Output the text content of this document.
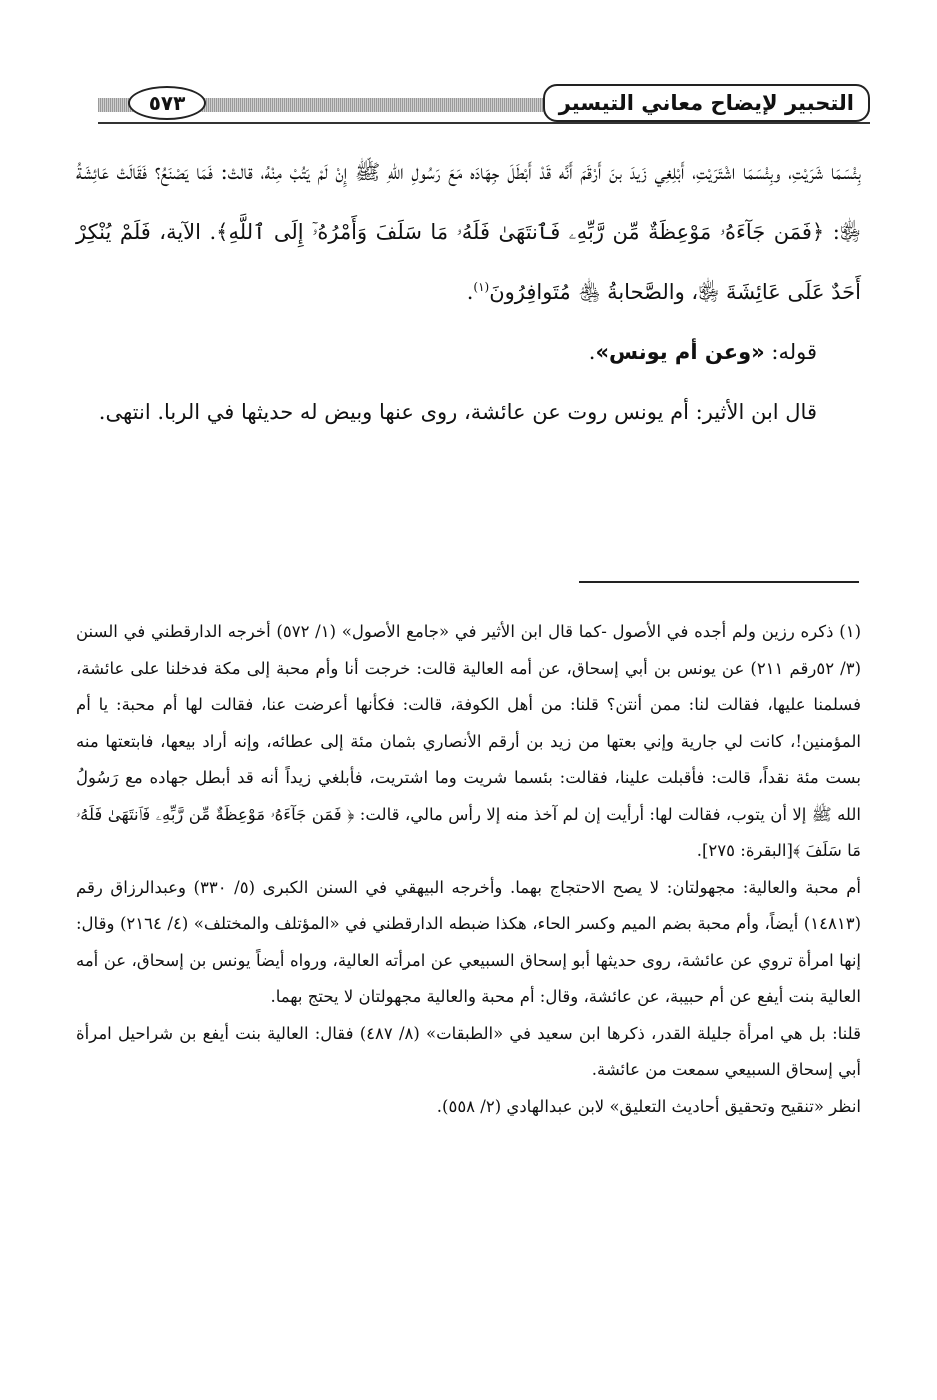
التحبير لإيضاح معاني التيسير
٥٧٣

بِئْسَمَا شَرَيْتِ، وبِئْسَمَا اشْتَرَيْتِ، أَبْلِغِي زَيدَ بنَ أَرْقَمَ أَنَّه قَدْ أَبْطَلَ جِهَادَه مَعَ رَسُولِ اللهِ ﷺ إِنْ لَمْ يَتُبْ مِنْهُ، قالتْ: فَمَا يَصْنَعُ؟ فَقَالَتْ عَائِشَةُ ﵂: ﴿فَمَن جَآءَهُۥ مَوْعِظَةٌ مِّن رَّبِّهِۦ فَٱنتَهَىٰ فَلَهُۥ مَا سَلَفَ وَأَمْرُهُۥٓ إِلَى ٱللَّهِ﴾. الآية، فَلَمْ يُنْكِرْ أَحَدٌ عَلَى عَائِشَةَ ﵂، والصَّحابةُ ﵃ مُتَوافِرُونَ$^{(١)}$.

قوله: «وعن أم يونس».

قال ابن الأثير: أم يونس روت عن عائشة، روى عنها وبيض له حديثها في الربا. انتهى.

(١) ذكره رزين ولم أجده في الأصول -كما قال ابن الأثير في «جامع الأصول» (١/ ٥٧٢) أخرجه الدارقطني في السنن (٣/ ٥٢رقم ٢١١) عن يونس بن أبي إسحاق، عن أمه العالية قالت: خرجت أنا وأم محبة إلى مكة فدخلنا على عائشة، فسلمنا عليها، فقالت لنا: ممن أنتن؟ قلنا: من أهل الكوفة، قالت: فكأنها أعرضت عنا، فقالت لها أم محبة: يا أم المؤمنين!، كانت لي جارية وإني بعتها من زيد بن أرقم الأنصاري بثمان مئة إلى عطائه، وإنه أراد بيعها، فابتعتها منه بست مئة نقداً، قالت: فأقبلت علينا، فقالت: بئسما شريت وما اشتريت، فأبلغي زيداً أنه قد أبطل جهاده مع رَسُولُ الله ﷺ إلا أن يتوب، فقالت لها: أرأيت إن لم آخذ منه إلا رأس مالي، قالت: ﴿ فَمَن جَآءَهُۥ مَوْعِظَةٌ مِّن رَّبِّهِۦ فَٱنتَهَىٰ فَلَهُۥ مَا سَلَفَ ﴾[البقرة: ٢٧٥].

أم محبة والعالية: مجهولتان: لا يصح الاحتجاج بهما. وأخرجه البيهقي في السنن الكبرى (٥/ ٣٣٠) وعبدالرزاق رقم (١٤٨١٣) أيضاً، وأم محبة بضم الميم وكسر الحاء، هكذا ضبطه الدارقطني في «المؤتلف والمختلف» (٤/ ٢١٦٤) وقال: إنها امرأة تروي عن عائشة، روى حديثها أبو إسحاق السبيعي عن امرأته العالية، ورواه أيضاً يونس بن إسحاق، عن أمه العالية بنت أيفع عن أم حبيبة، عن عائشة، وقال: أم محبة والعالية مجهولتان لا يحتج بهما.

قلنا: بل هي امرأة جليلة القدر، ذكرها ابن سعيد في «الطبقات» (٨/ ٤٨٧) فقال: العالية بنت أيفع بن شراحيل امرأة أبي إسحاق السبيعي سمعت من عائشة.

انظر «تنقيح وتحقيق أحاديث التعليق» لابن عبدالهادي (٢/ ٥٥٨).
